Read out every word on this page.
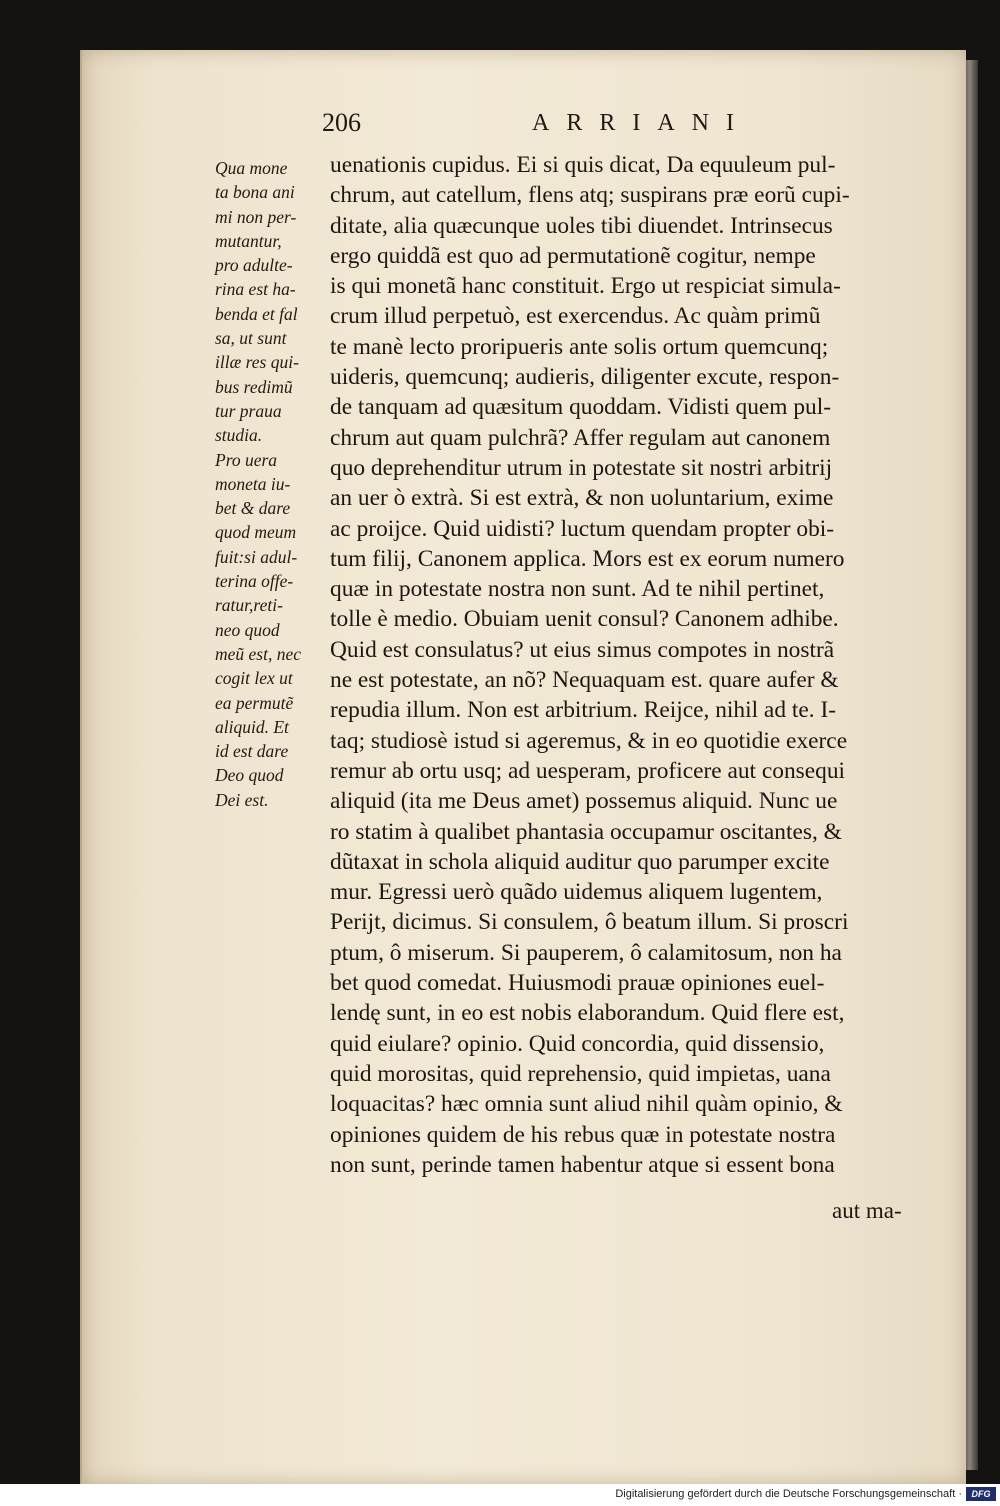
206	ARRIANI
Qua mone
ta bona ani
mi non per-
mutantur,
pro adulte-
rina est ha-
benda et fal
sa, ut sunt
illæ res qui-
bus redimũ
tur praua
studia.
Pro uera
moneta iu-
bet & dare
quod meum
fuit:si adul-
terina offe-
ratur,reti-
neo quod
meũ est, nec
cogit lex ut
ea permutẽ
aliquid. Et
id est dare
Deo quod
Dei est.
uenationis cupidus. Ei si quis dicat, Da equuleum pul-
chrum, aut catellum, flens atq; suspirans præ eorũ cupi-
ditate, alia quæcunque uoles tibi diuendet. Intrinsecus
ergo quiddã est quo ad permutationẽ cogitur, nempe
is qui monetã hanc constituit. Ergo ut respiciat simula-
crum illud perpetuò, est exercendus. Ac quàm primũ
te manè lecto proripueris ante solis ortum quemcunq;
uideris, quemcunq; audieris, diligenter excute, respon-
de tanquam ad quæsitum quoddam. Vidisti quem pul-
chrum aut quam pulchrã? Affer regulam aut canonem
quo deprehenditur utrum in potestate sit nostri arbitrij
an uer ò extrà. Si est extrà, & non uoluntarium, exime
ac proijce. Quid uidisti? luctum quendam propter obi-
tum filij, Canonem applica. Mors est ex eorum numero
quæ in potestate nostra non sunt. Ad te nihil pertinet,
tolle è medio. Obuiam uenit consul? Canonem adhibe.
Quid est consulatus? ut eius simus compotes in nostrã
ne est potestate, an nõ? Nequaquam est. quare aufer &
repudia illum. Non est arbitrium. Reijce, nihil ad te. I-
taq; studiosè istud si ageremus, & in eo quotidie exerce
remur ab ortu usq; ad uesperam, proficere aut consequi
aliquid (ita me Deus amet) possemus aliquid. Nunc ue
ro statim à qualibet phantasia occupamur oscitantes, &
dũtaxat in schola aliquid auditur quo parumper excite
mur. Egressi uerò quãdo uidemus aliquem lugentem,
Perijt, dicimus. Si consulem, ô beatum illum. Si proscri
ptum, ô miserum. Si pauperem, ô calamitosum, non ha
bet quod comedat. Huiusmodi prauæ opiniones euel-
lendę sunt, in eo est nobis elaborandum. Quid flere est,
quid eiulare? opinio. Quid concordia, quid dissensio,
quid morositas, quid reprehensio, quid impietas, uana
loquacitas? hæc omnia sunt aliud nihil quàm opinio, &
opiniones quidem de his rebus quæ in potestate nostra
non sunt, perinde tamen habentur atque si essent bona
aut ma-
Digitalisierung gefördert durch die Deutsche Forschungsgemeinschaft ·	DFG
